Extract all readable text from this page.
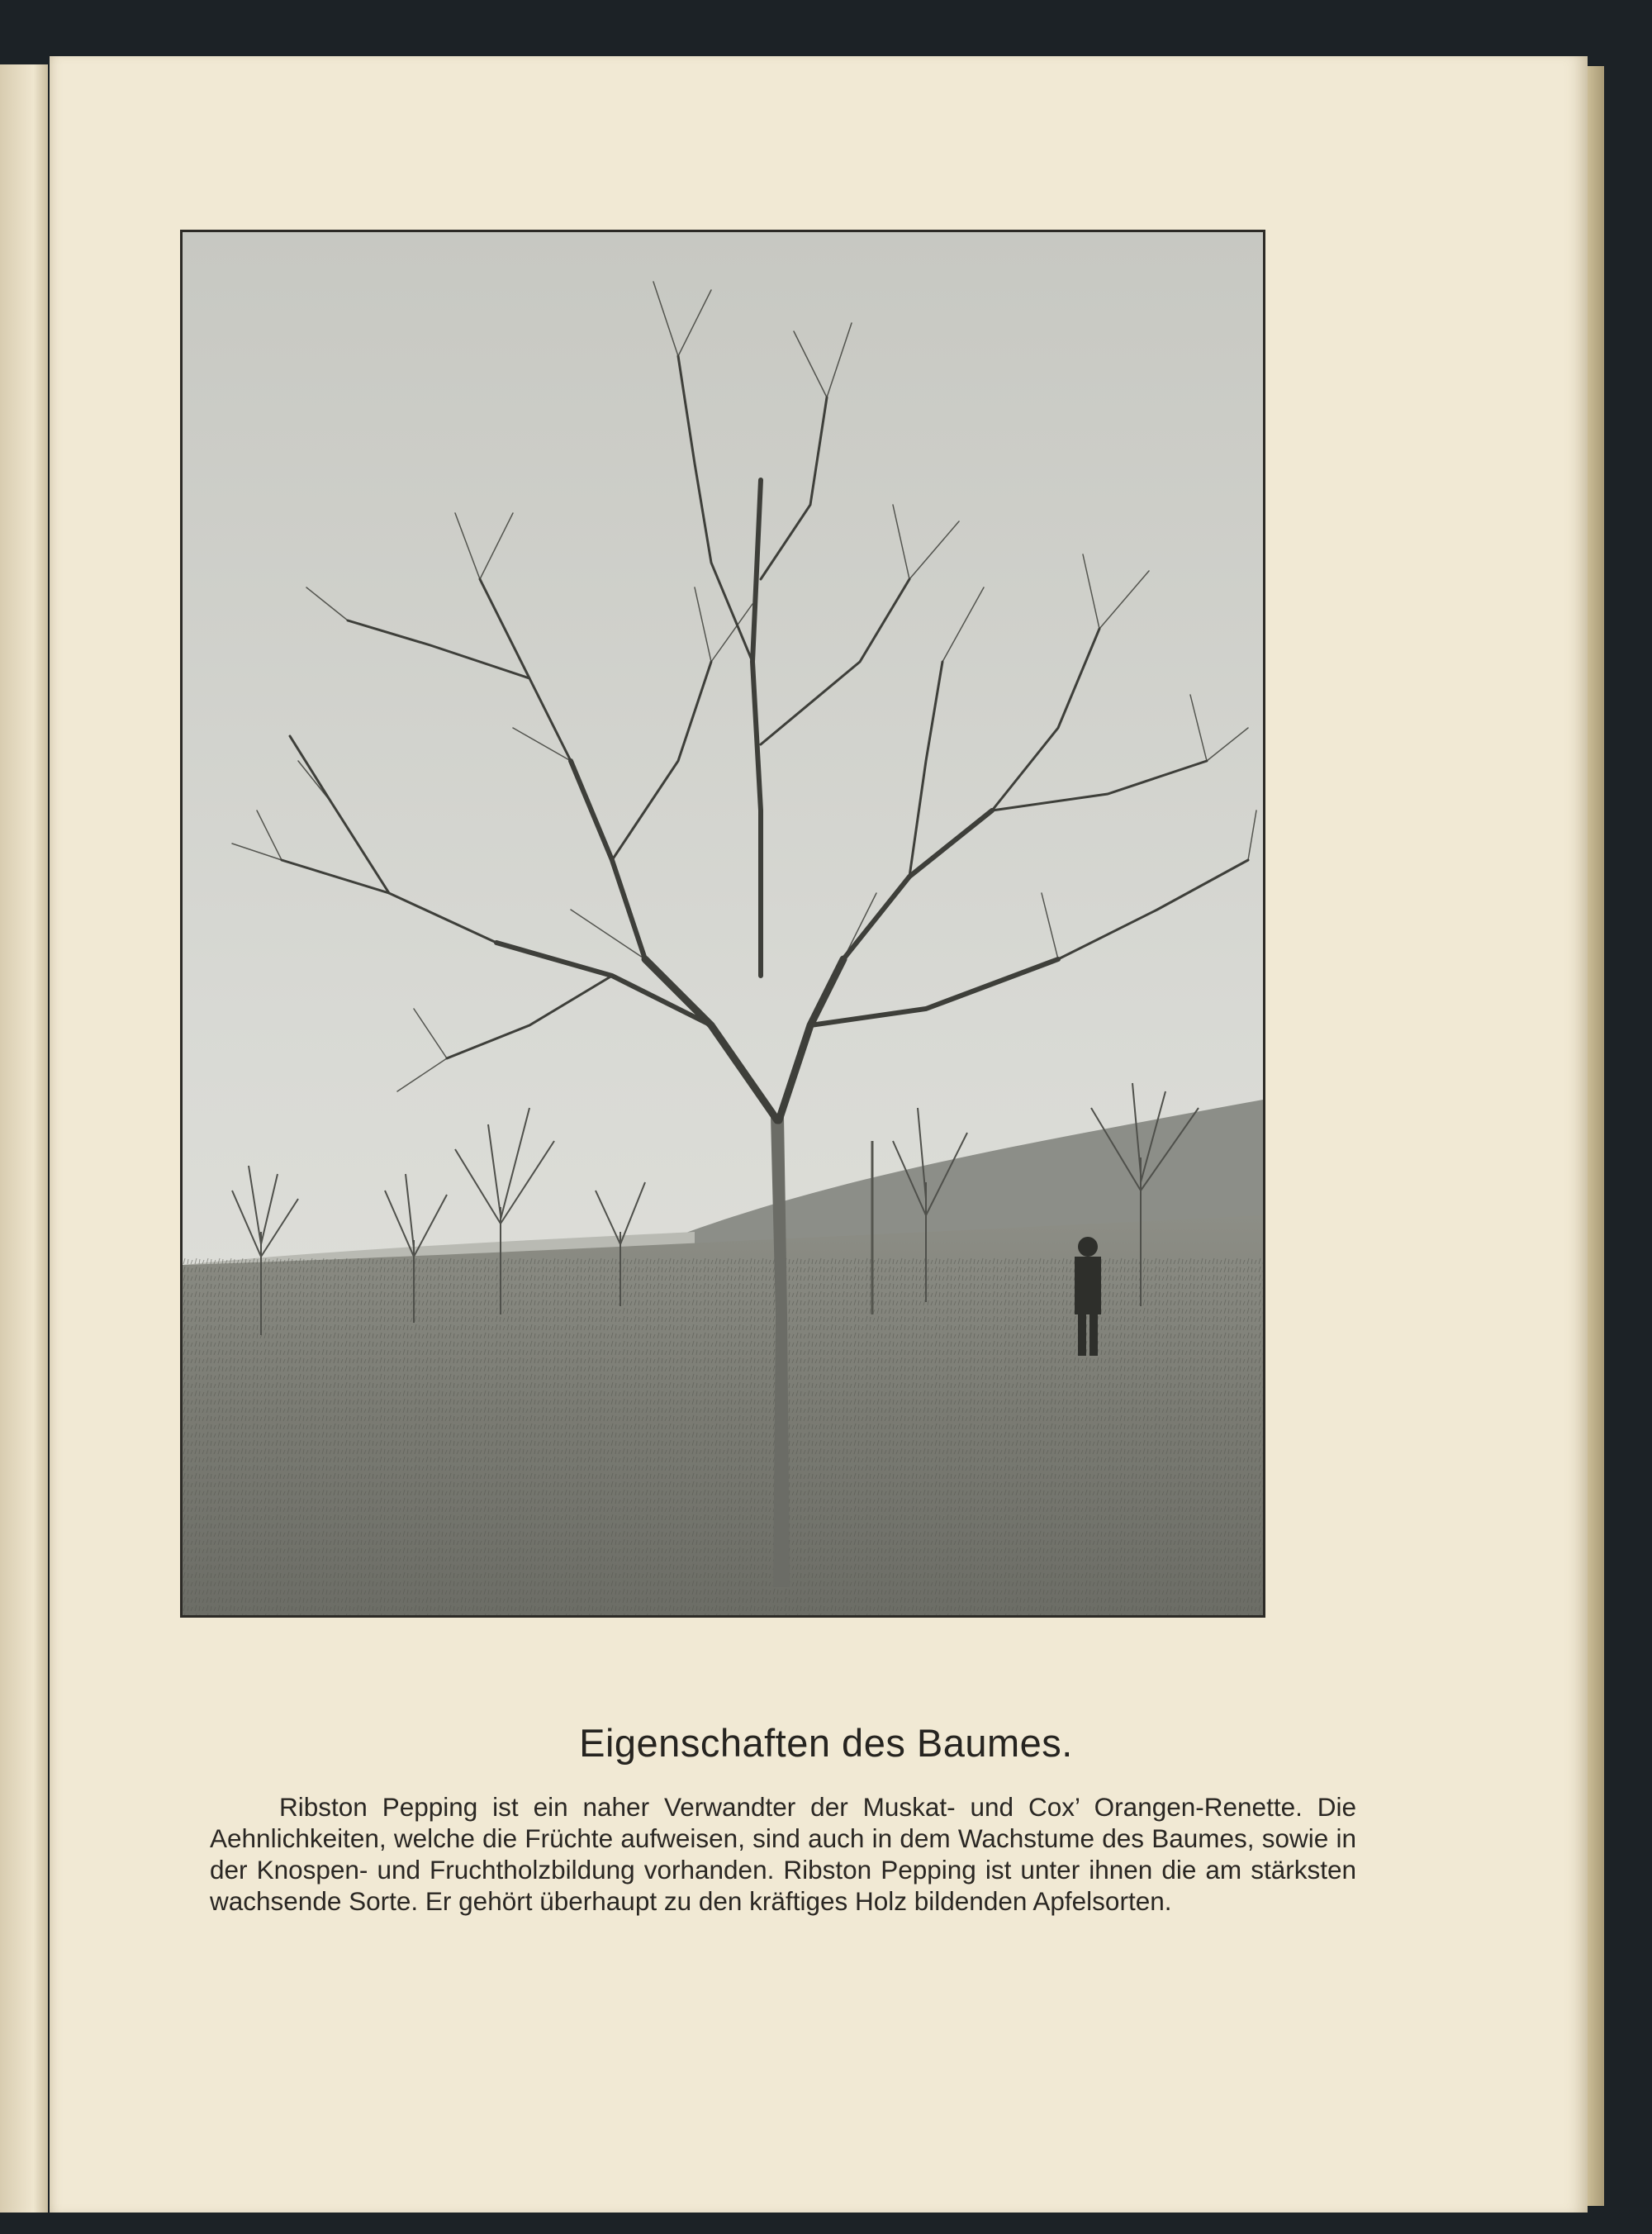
Eigenschaften des Baumes.

Ribston Pepping ist ein naher Verwandter der Muskat- und Cox’ Orangen-Renette. Die Aehnlichkeiten, welche die Früchte aufweisen, sind auch in dem Wachstume des Baumes, sowie in der Knospen- und Fruchtholzbildung vorhanden. Ribston Pepping ist unter ihnen die am stärksten wachsende Sorte. Er gehört überhaupt zu den kräftiges Holz bildenden Apfelsorten.
